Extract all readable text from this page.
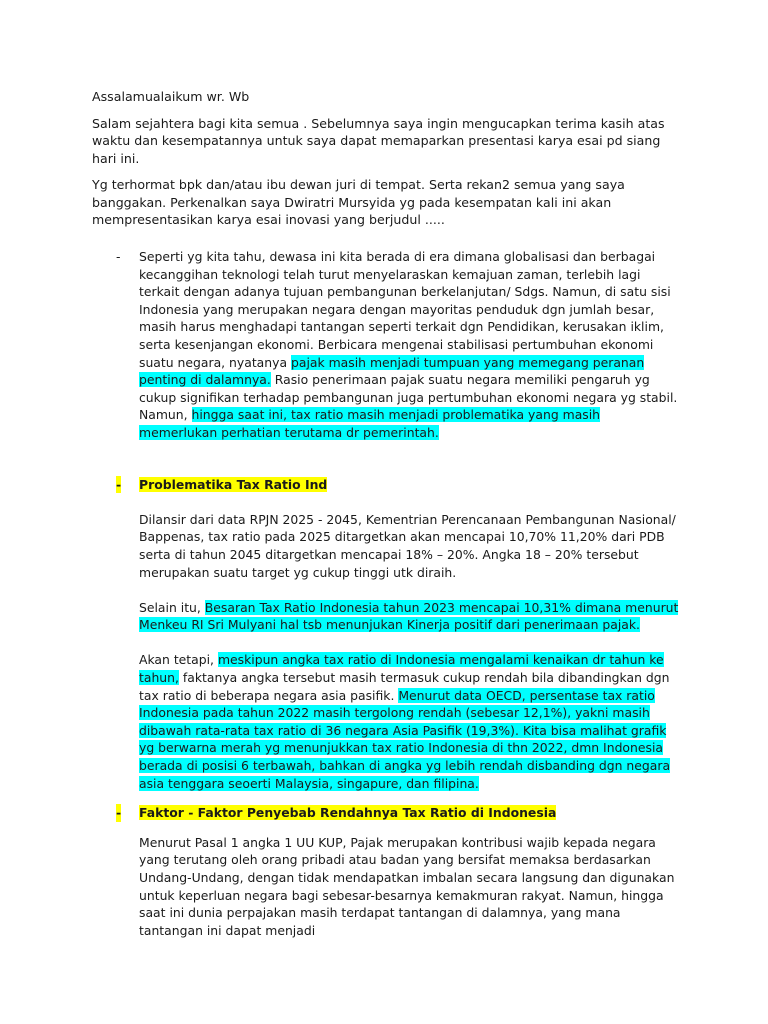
Assalamualaikum wr. Wb

Salam sejahtera bagi kita semua . Sebelumnya saya ingin mengucapkan terima kasih atas waktu dan kesempatannya untuk saya dapat memaparkan presentasi karya esai pd siang hari ini.

Yg terhormat bpk dan/atau ibu dewan juri di tempat. Serta rekan2 semua yang saya banggakan. Perkenalkan saya Dwiratri Mursyida yg pada kesempatan kali ini akan mempresentasikan karya esai inovasi yang berjudul .....

- Seperti yg kita tahu, dewasa ini kita berada di era dimana globalisasi dan berbagai kecanggihan teknologi telah turut menyelaraskan kemajuan zaman, terlebih lagi terkait dengan adanya tujuan pembangunan berkelanjutan/ Sdgs. Namun, di satu sisi Indonesia yang merupakan negara dengan mayoritas penduduk dgn jumlah besar, masih harus menghadapi tantangan seperti terkait dgn Pendidikan, kerusakan iklim, serta kesenjangan ekonomi. Berbicara mengenai stabilisasi pertumbuhan ekonomi suatu negara, nyatanya pajak masih menjadi tumpuan yang memegang peranan penting di dalamnya. Rasio penerimaan pajak suatu negara memiliki pengaruh yg cukup signifikan terhadap pembangunan juga pertumbuhan ekonomi negara yg stabil. Namun, hingga saat ini, tax ratio masih menjadi problematika yang masih memerlukan perhatian terutama dr pemerintah.

- Problematika Tax Ratio Ind

Dilansir dari data RPJN 2025 - 2045, Kementrian Perencanaan Pembangunan Nasional/ Bappenas, tax ratio pada 2025 ditargetkan akan mencapai 10,70% 11,20% dari PDB serta di tahun 2045 ditargetkan mencapai 18% – 20%. Angka 18 – 20% tersebut merupakan suatu target yg cukup tinggi utk diraih.

Selain itu, Besaran Tax Ratio Indonesia tahun 2023 mencapai 10,31% dimana menurut Menkeu RI Sri Mulyani hal tsb menunjukan Kinerja positif dari penerimaan pajak.

Akan tetapi, meskipun angka tax ratio di Indonesia mengalami kenaikan dr tahun ke tahun, faktanya angka tersebut masih termasuk cukup rendah bila dibandingkan dgn tax ratio di beberapa negara asia pasifik. Menurut data OECD, persentase tax ratio Indonesia pada tahun 2022 masih tergolong rendah (sebesar 12,1%), yakni masih dibawah rata-rata tax ratio di 36 negara Asia Pasifik (19,3%). Kita bisa malihat grafik yg berwarna merah yg menunjukkan tax ratio Indonesia di thn 2022, dmn Indonesia berada di posisi 6 terbawah, bahkan di angka yg lebih rendah disbanding dgn negara asia tenggara seoerti Malaysia, singapure, dan filipina.

- Faktor - Faktor Penyebab Rendahnya Tax Ratio di Indonesia

Menurut Pasal 1 angka 1 UU KUP, Pajak merupakan kontribusi wajib kepada negara yang terutang oleh orang pribadi atau badan yang bersifat memaksa berdasarkan Undang-Undang, dengan tidak mendapatkan imbalan secara langsung dan digunakan untuk keperluan negara bagi sebesar-besarnya kemakmuran rakyat. Namun, hingga saat ini dunia perpajakan masih terdapat tantangan di dalamnya, yang mana tantangan ini dapat menjadi
